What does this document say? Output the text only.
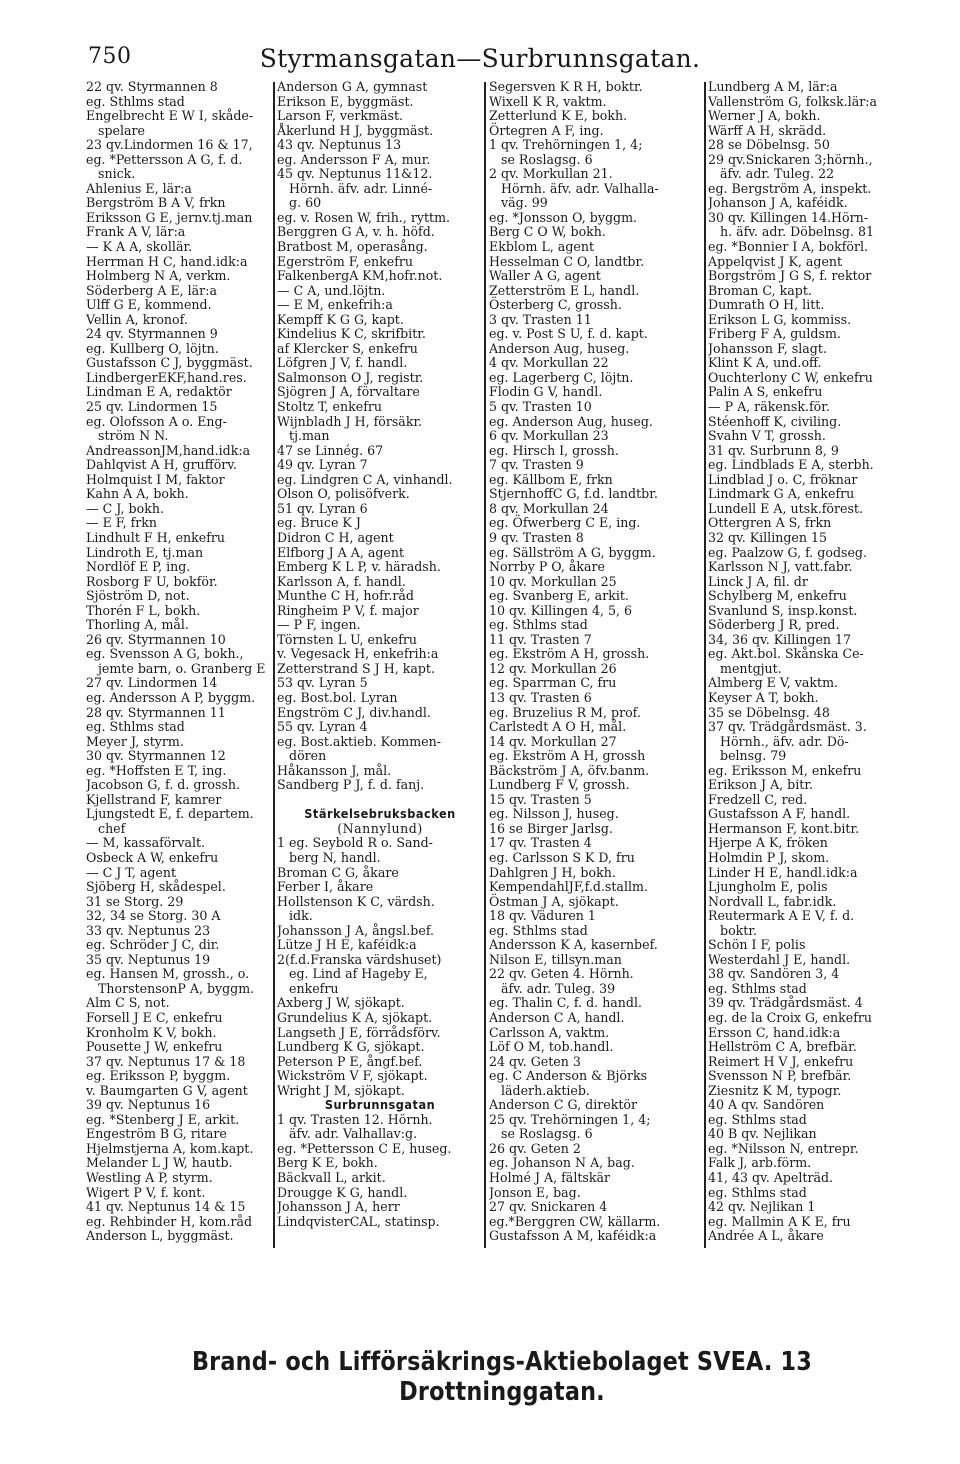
750	Styrmansgatan—Surbrunnsgatan.
22 qv. Styrmannen 8
eg. Sthlms stad
Engelbrecht E W I, skåde-
spelare
23 qv.Lindormen 16 & 17,
eg. *Pettersson A G, f. d.
snick.
Ahlenius E, lär:a
Bergström B A V, frkn
Eriksson G E, jernv.tj.man
Frank A V, lär:a
— K A A, skollär.
Herrman H C, hand.idk:a
Holmberg N A, verkm.
Söderberg A E, lär:a
Ulff G E, kommend.
Vellin A, kronof.
24 qv. Styrmannen 9
eg. Kullberg O, löjtn.
Gustafsson C J, byggmäst.
LindbergerEKF,hand.res.
Lindman E A, redaktör
25 qv. Lindormen 15
eg. Olofsson A o. Eng-
ström N N.
AndreassonJM,hand.idk:a
Dahlqvist A H, grufförv.
Holmquist I M, faktor
Kahn A A, bokh.
— C J, bokh.
— E F, frkn
Lindhult F H, enkefru
Lindroth E, tj.man
Nordlöf E P, ing.
Rosborg F U, bokför.
Sjöström D, not.
Thorén F L, bokh.
Thorling A, mål.
26 qv. Styrmannen 10
eg. Svensson A G, bokh.,
jemte barn, o. Granberg E
27 qv. Lindormen 14
eg. Andersson A P, byggm.
28 qv. Styrmannen 11
eg. Sthlms stad
Meyer J, styrm.
30 qv. Styrmannen 12
eg. *Hoffsten E T, ing.
Jacobson G, f. d. grossh.
Kjellstrand F, kamrer
Ljungstedt E, f. departem.
chef
— M, kassaförvalt.
Osbeck A W, enkefru
— C J T, agent
Sjöberg H, skådespel.
31 se Storg. 29
32, 34 se Storg. 30 A
33 qv. Neptunus 23
eg. Schröder J C, dir.
35 qv. Neptunus 19
eg. Hansen M, grossh., o.
ThorstensonP A, byggm.
Alm C S, not.
Forsell J E C, enkefru
Kronholm K V, bokh.
Pousette J W, enkefru
37 qv. Neptunus 17 & 18
eg. Eriksson P, byggm.
v. Baumgarten G V, agent
39 qv. Neptunus 16
eg. *Stenberg J E, arkit.
Engeström B G, ritare
Hjelmstjerna A, kom.kapt.
Melander L J W, hautb.
Westling A P, styrm.
Wigert P V, f. kont.
41 qv. Neptunus 14 & 15
eg. Rehbinder H, kom.råd
Anderson L, byggmäst.
Anderson G A, gymnast
Erikson E, byggmäst.
Larson F, verkmäst.
Åkerlund H J, byggmäst.
43 qv. Neptunus 13
eg. Andersson F A, mur.
45 qv. Neptunus 11&12.
Hörnh. äfv. adr. Linné-
g. 60
eg. v. Rosen W, frih., ryttm.
Berggren G A, v. h. höfd.
Bratbost M, operasång.
Egerström F, enkefru
FalkenbergA KM,hofr.not.
— C A, und.löjtn.
— E M, enkefrih:a
Kempff K G G, kapt.
Kindelius K C, skrifbitr.
af Klercker S, enkefru
Löfgren J V, f. handl.
Salmonson O J, registr.
Sjögren J A, förvaltare
Stoltz T, enkefru
Wijnbladh J H, försäkr.
tj.man
47 se Linnég. 67
49 qv. Lyran 7
eg. Lindgren C A, vinhandl.
Olson O, polisöfverk.
51 qv. Lyran 6
eg. Bruce K J
Didron C H, agent
Elfborg J A A, agent
Emberg K L P, v. häradsh.
Karlsson A, f. handl.
Munthe C H, hofr.råd
Ringheim P V, f. major
— P F, ingen.
Törnsten L U, enkefru
v. Vegesack H, enkefrih:a
Zetterstrand S J H, kapt.
53 qv. Lyran 5
eg. Bost.bol. Lyran
Engström C J, div.handl.
55 qv. Lyran 4
eg. Bost.aktieb. Kommen-
dören
Håkansson J, mål.
Sandberg P J, f. d. fanj.
Stärkelsebruksbacken
(Nannylund)
1 eg. Seybold R o. Sand-
berg N, handl.
Broman C G, åkare
Ferber I, åkare
Hollstenson K C, värdsh.
idk.
Johansson J A, ångsl.bef.
Lütze J H E, kaféidk:a
2(f.d.Franska värdshuset)
eg. Lind af Hageby E,
enkefru
Axberg J W, sjökapt.
Grundelius K A, sjökapt.
Langseth J E, förrådsförv.
Lundberg K G, sjökapt.
Peterson P E, ångf.bef.
Wickström V F, sjökapt.
Wright J M, sjökapt.
Surbrunnsgatan
1 qv. Trasten 12. Hörnh.
äfv. adr. Valhallav:g.
eg. *Pettersson C E, huseg.
Berg K E, bokh.
Bäckvall L, arkit.
Drougge K G, handl.
Johansson J A, herr
LindqvisterCAL, statinsp.
Segersven K R H, boktr.
Wixell K R, vaktm.
Zetterlund K E, bokh.
Örtegren A F, ing.
1 qv. Trehörningen 1, 4;
se Roslagsg. 6
2 qv. Morkullan 21.
Hörnh. äfv. adr. Valhalla-
väg. 99
eg. *Jonsson O, byggm.
Berg C O W, bokh.
Ekblom L, agent
Hesselman C O, landtbr.
Waller A G, agent
Zetterström E L, handl.
Österberg C, grossh.
3 qv. Trasten 11
eg. v. Post S U, f. d. kapt.
Anderson Aug, huseg.
4 qv. Morkullan 22
eg. Lagerberg C, löjtn.
Flodin G V, handl.
5 qv. Trasten 10
eg. Anderson Aug, huseg.
6 qv. Morkullan 23
eg. Hirsch I, grossh.
7 qv. Trasten 9
eg. Källbom E, frkn
StjernhoffC G, f.d. landtbr.
8 qv. Morkullan 24
eg. Öfwerberg C E, ing.
9 qv. Trasten 8
eg. Sällström A G, byggm.
Norrby P O, åkare
10 qv. Morkullan 25
eg. Svanberg E, arkit.
10 qv. Killingen 4, 5, 6
eg. Sthlms stad
11 qv. Trasten 7
eg. Ekström A H, grossh.
12 qv. Morkullan 26
eg. Sparrman C, fru
13 qv. Trasten 6
eg. Bruzelius R M, prof.
Carlstedt A O H, mål.
14 qv. Morkullan 27
eg. Ekström A H, grossh
Bäckström J A, öfv.banm.
Lundberg F V, grossh.
15 qv. Trasten 5
eg. Nilsson J, huseg.
16 se Birger Jarlsg.
17 qv. Trasten 4
eg. Carlsson S K D, fru
Dahlgren J H, bokh.
KempendahlJF,f.d.stallm.
Östman J A, sjökapt.
18 qv. Väduren 1
eg. Sthlms stad
Andersson K A, kasernbef.
Nilson E, tillsyn.man
22 qv. Geten 4. Hörnh.
äfv. adr. Tuleg. 39
eg. Thalin C, f. d. handl.
Anderson C A, handl.
Carlsson A, vaktm.
Löf O M, tob.handl.
24 qv. Geten 3
eg. C Anderson & Björks
läderh.aktieb.
Anderson C G, direktör
25 qv. Trehörningen 1, 4;
se Roslagsg. 6
26 qv. Geten 2
eg. Johanson N A, bag.
Holmé J A, fältskär
Jonson E, bag.
27 qv. Snickaren 4
eg.*Berggren CW, källarm.
Gustafsson A M, kaféidk:a
Lundberg A M, lär:a
Vallenström G, folksk.lär:a
Werner J A, bokh.
Wärff A H, skrädd.
28 se Döbelnsg. 50
29 qv.Snickaren 3;hörnh.,
äfv. adr. Tuleg. 22
eg. Bergström A, inspekt.
Johanson J A, kaféidk.
30 qv. Killingen 14.Hörn-
h. äfv. adr. Döbelnsg. 81
eg. *Bonnier I A, bokförl.
Appelqvist J K, agent
Borgström J G S, f. rektor
Broman C, kapt.
Dumrath O H, litt.
Erikson L G, kommiss.
Friberg F A, guldsm.
Johansson F, slagt.
Klint K A, und.off.
Ouchterlony C W, enkefru
Palin A S, enkefru
— P A, räkensk.för.
Stéenhoff K, civiling.
Svahn V T, grossh.
31 qv. Surbrunn 8, 9
eg. Lindblads E A, sterbh.
Lindblad J o. C, fröknar
Lindmark G A, enkefru
Lundell E A, utsk.förest.
Ottergren A S, frkn
32 qv. Killingen 15
eg. Paalzow G, f. godseg.
Karlsson N J, vatt.fabr.
Linck J A, fil. dr
Schylberg M, enkefru
Svanlund S, insp.konst.
Söderberg J R, pred.
34, 36 qv. Killingen 17
eg. Akt.bol. Skånska Ce-
mentgjut.
Almberg E V, vaktm.
Keyser A T, bokh.
35 se Döbelnsg. 48
37 qv. Trädgårdsmäst. 3.
Hörnh., äfv. adr. Dö-
belnsg. 79
eg. Eriksson M, enkefru
Erikson J A, bitr.
Fredzell C, red.
Gustafsson A F, handl.
Hermanson F, kont.bitr.
Hjerpe A K, fröken
Holmdin P J, skom.
Linder H E, handl.idk:a
Ljungholm E, polis
Nordvall L, fabr.idk.
Reutermark A E V, f. d.
boktr.
Schön I F, polis
Westerdahl J E, handl.
38 qv. Sandören 3, 4
eg. Sthlms stad
39 qv. Trädgårdsmäst. 4
eg. de la Croix G, enkefru
Ersson C, hand.idk:a
Hellström C A, brefbär.
Reimert H V J, enkefru
Svensson N P, brefbär.
Ziesnitz K M, typogr.
40 A qv. Sandören
eg. Sthlms stad
40 B qv. Nejlikan
eg. *Nilsson N, entrepr.
Falk J, arb.förm.
41, 43 qv. Apelträd.
eg. Sthlms stad
42 qv. Nejlikan 1
eg. Mallmin A K E, fru
Andrée A L, åkare
Brand- och Lifförsäkrings-Aktiebolaget SVEA. 13 Drottninggatan.
